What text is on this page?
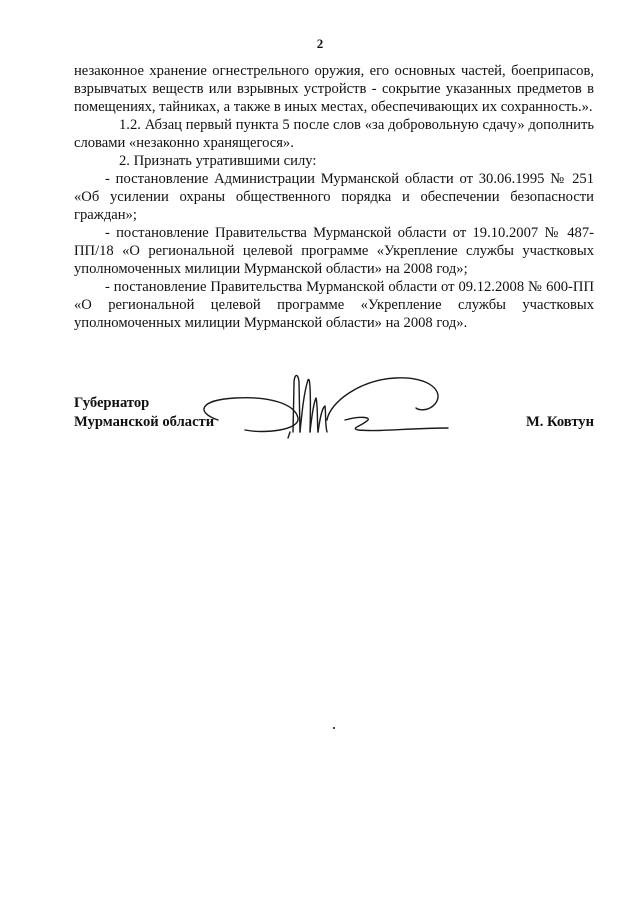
2

незаконное хранение огнестрельного оружия, его основных частей, боеприпасов, взрывчатых веществ или взрывных устройств - сокрытие указанных предметов в помещениях, тайниках, а также в иных местах, обеспечивающих их сохранность.».

1.2. Абзац первый пункта 5 после слов «за добровольную сдачу» дополнить словами «незаконно хранящегося».

2. Признать утратившими силу:

- постановление Администрации Мурманской области от 30.06.1995 № 251 «Об усилении охраны общественного порядка и обеспечении безопасности граждан»;

- постановление Правительства Мурманской области от 19.10.2007 № 487-ПП/18 «О региональной целевой программе «Укрепление службы участковых уполномоченных милиции Мурманской области» на 2008 год»;

- постановление Правительства Мурманской области от 09.12.2008 № 600-ПП «О региональной целевой программе «Укрепление службы участковых уполномоченных милиции Мурманской области» на 2008 год».

Губернатор
Мурманской области	М. Ковтун
